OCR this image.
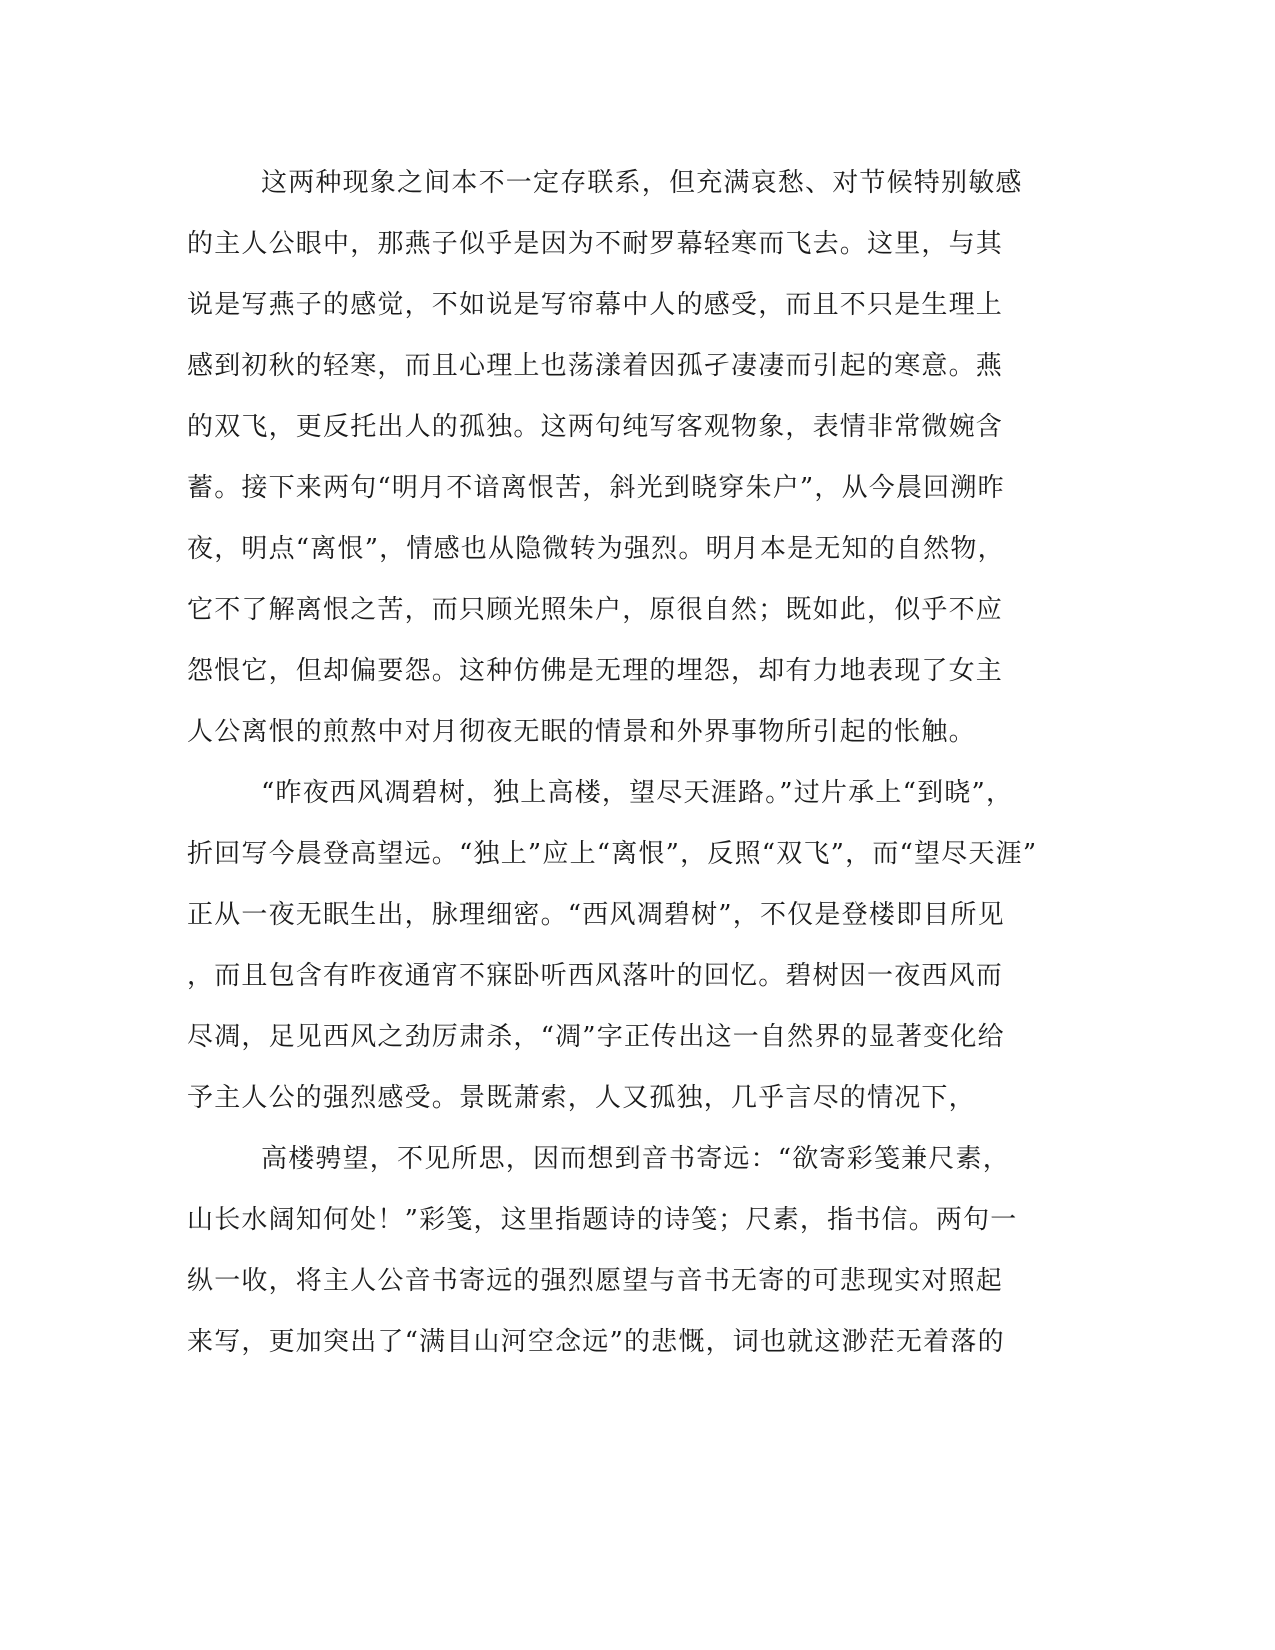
这两种现象之间本不一定存联系，但充满哀愁、对节候特别敏感
的主人公眼中，那燕子似乎是因为不耐罗幕轻寒而飞去。这里，与其
说是写燕子的感觉，不如说是写帘幕中人的感受，而且不只是生理上
感到初秋的轻寒，而且心理上也荡漾着因孤孑凄凄而引起的寒意。燕
的双飞，更反托出人的孤独。这两句纯写客观物象，表情非常微婉含
蓄。接下来两句“明月不谙离恨苦，斜光到晓穿朱户”，从今晨回溯昨
夜，明点“离恨”，情感也从隐微转为强烈。明月本是无知的自然物，
它不了解离恨之苦，而只顾光照朱户，原很自然；既如此，似乎不应
怨恨它，但却偏要怨。这种仿佛是无理的埋怨，却有力地表现了女主
人公离恨的煎熬中对月彻夜无眠的情景和外界事物所引起的怅触。

“昨夜西风凋碧树，独上高楼，望尽天涯路。”过片承上“到晓”，
折回写今晨登高望远。“独上”应上“离恨”，反照“双飞”，而“望尽天涯”
正从一夜无眠生出，脉理细密。“西风凋碧树”，不仅是登楼即目所见
，而且包含有昨夜通宵不寐卧听西风落叶的回忆。碧树因一夜西风而
尽凋，足见西风之劲厉肃杀，“凋”字正传出这一自然界的显著变化给
予主人公的强烈感受。景既萧索，人又孤独，几乎言尽的情况下，

高楼骋望，不见所思，因而想到音书寄远：“欲寄彩笺兼尺素，
山长水阔知何处！”彩笺，这里指题诗的诗笺；尺素，指书信。两句一
纵一收，将主人公音书寄远的强烈愿望与音书无寄的可悲现实对照起
来写，更加突出了“满目山河空念远”的悲慨，词也就这渺茫无着落的
